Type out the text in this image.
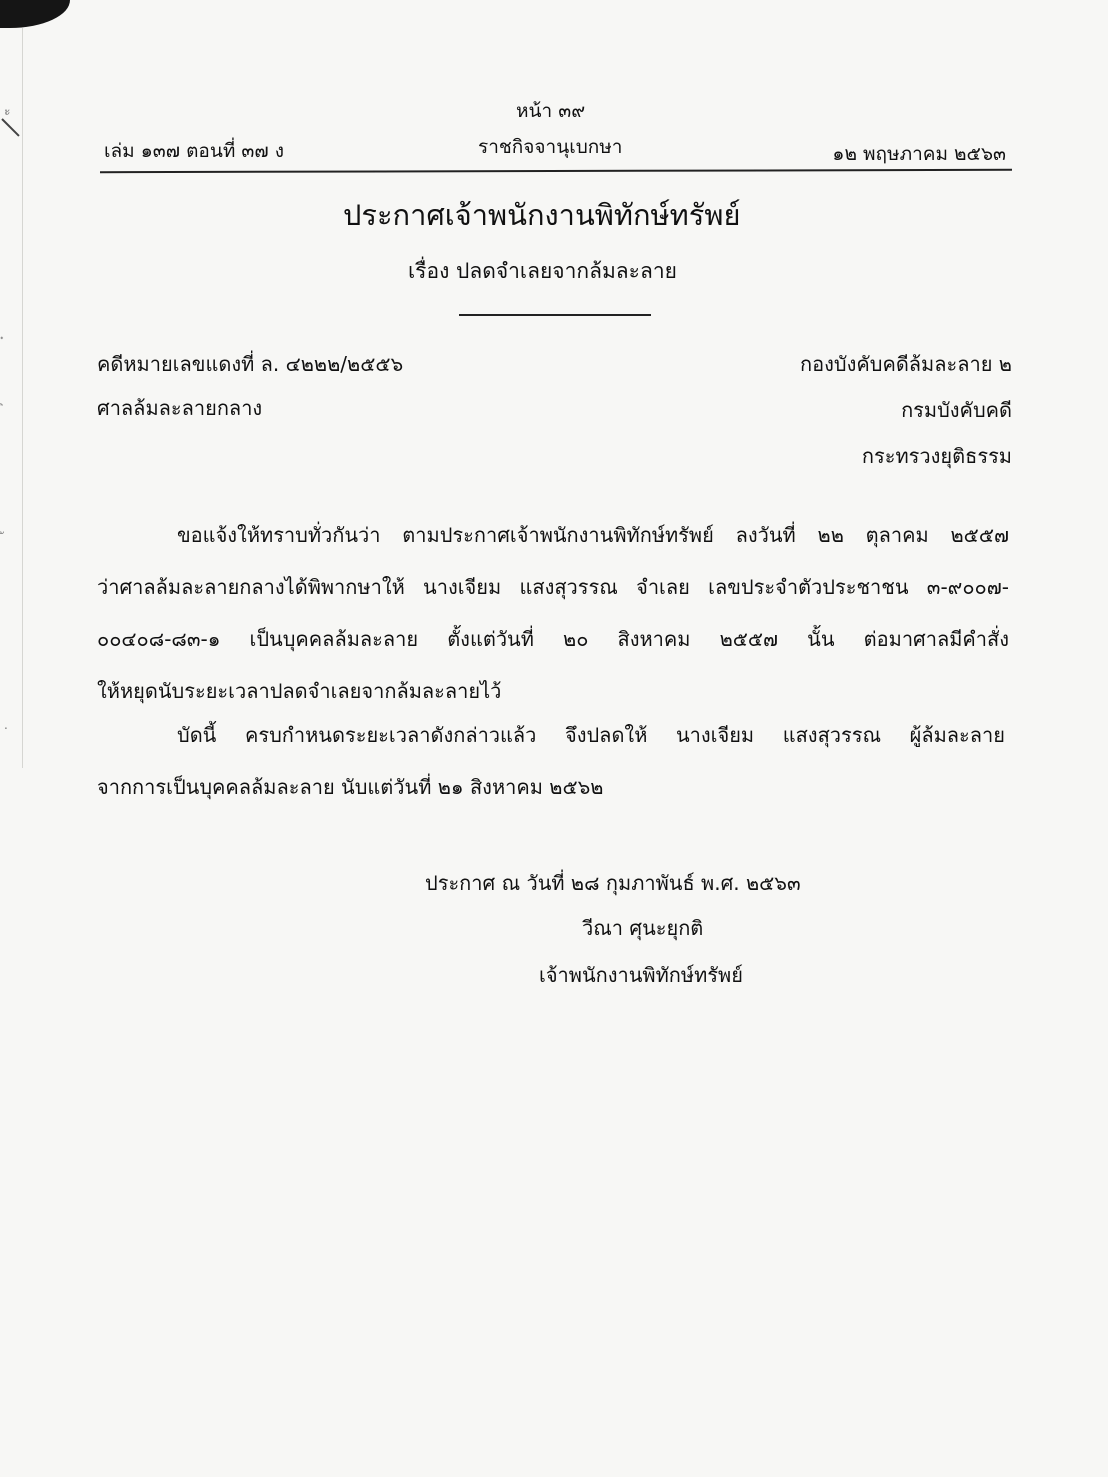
ะ
.
หน้า ๓๙
เล่ม ๑๓๗ ตอนที่ ๓๗ ง	ราชกิจจานุเบกษา	๑๒ พฤษภาคม ๒๕๖๓
ประกาศเจ้าพนักงานพิทักษ์ทรัพย์
เรื่อง ปลดจำเลยจากล้มละลาย
คดีหมายเลขแดงที่ ล. ๔๒๒๒/๒๕๕๖
ศาลล้มละลายกลาง
กองบังคับคดีล้มละลาย ๒
กรมบังคับคดี
กระทรวงยุติธรรม
ขอแจ้งให้ทราบทั่วกันว่า ตามประกาศเจ้าพนักงานพิทักษ์ทรัพย์ ลงวันที่ ๒๒ ตุลาคม ๒๕๕๗
ว่าศาลล้มละลายกลางได้พิพากษาให้ นางเจียม แสงสุวรรณ จำเลย เลขประจำตัวประชาชน ๓-๙๐๐๗-
๐๐๔๐๘-๘๓-๑ เป็นบุคคลล้มละลาย ตั้งแต่วันที่ ๒๐ สิงหาคม ๒๕๕๗ นั้น ต่อมาศาลมีคำสั่ง
ให้หยุดนับระยะเวลาปลดจำเลยจากล้มละลายไว้
บัดนี้ ครบกำหนดระยะเวลาดังกล่าวแล้ว จึงปลดให้ นางเจียม แสงสุวรรณ ผู้ล้มละลาย
จากการเป็นบุคคลล้มละลาย นับแต่วันที่ ๒๑ สิงหาคม ๒๕๖๒
ประกาศ ณ วันที่ ๒๘ กุมภาพันธ์ พ.ศ. ๒๕๖๓
วีณา ศุนะยุกติ
เจ้าพนักงานพิทักษ์ทรัพย์
